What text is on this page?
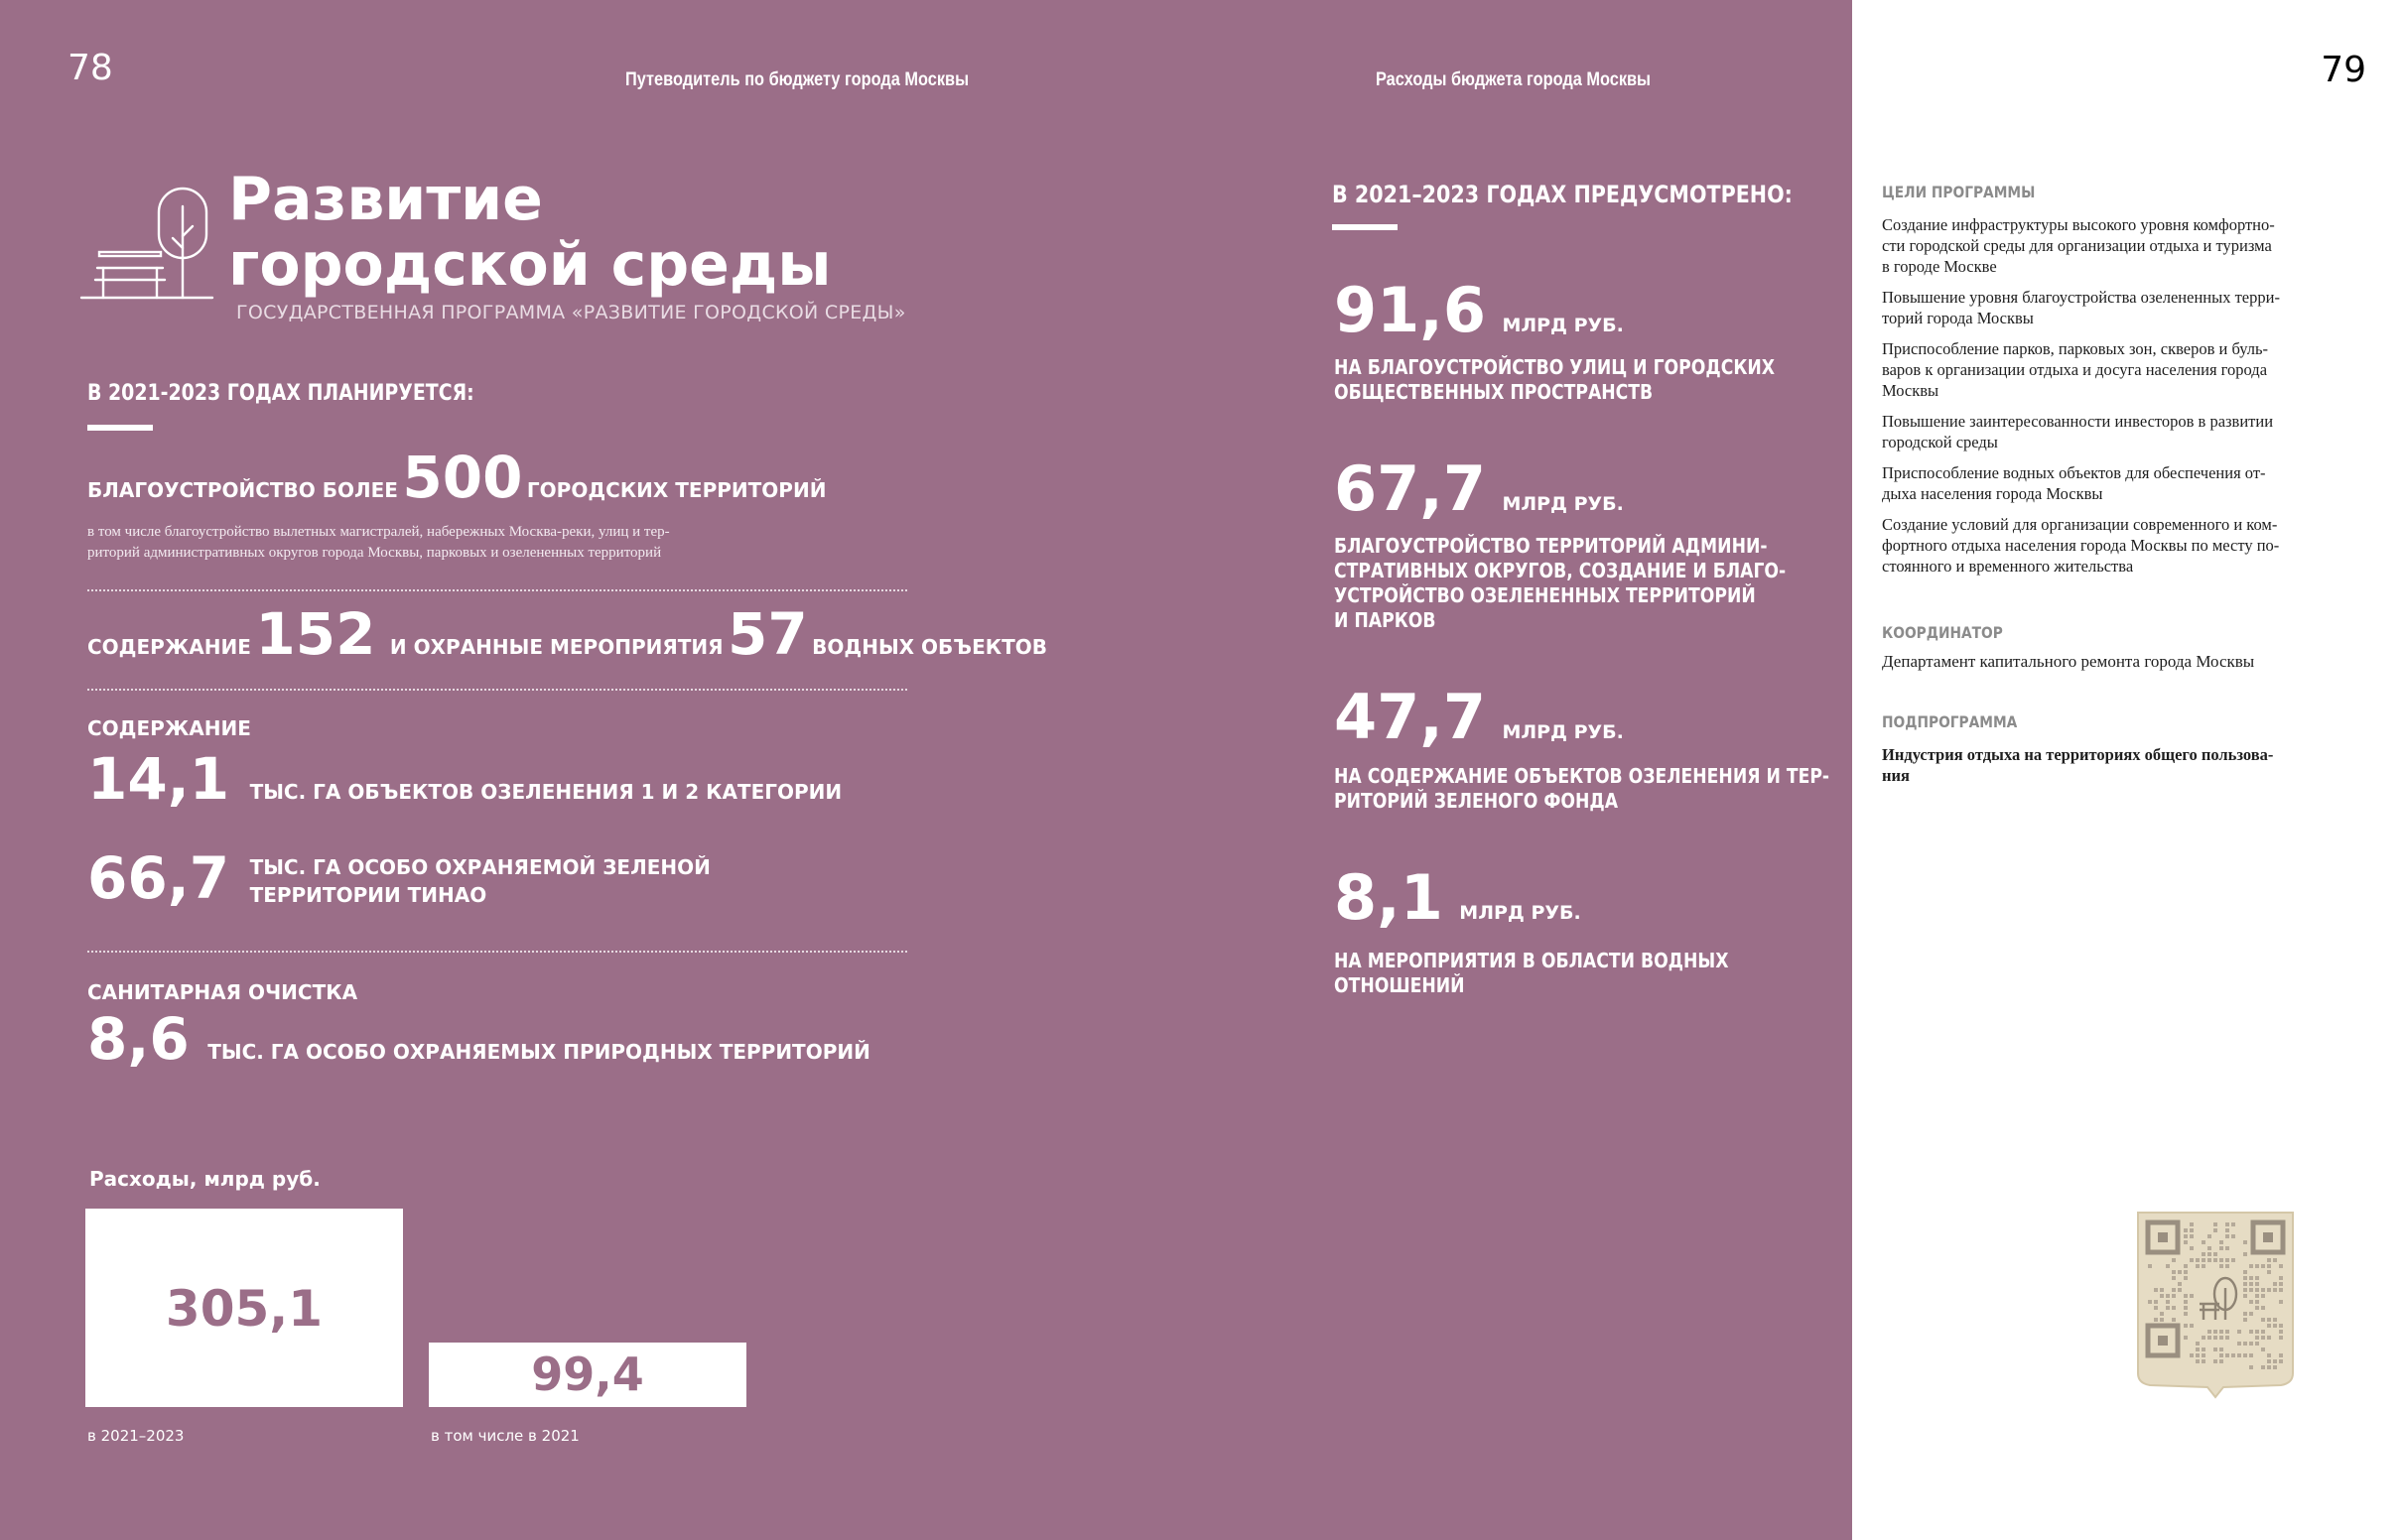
78	Путеводитель по бюджету города Москвы	Расходы бюджета города Москвы
Развитие
городской среды
ГОСУДАРСТВЕННАЯ ПРОГРАММА «РАЗВИТИЕ ГОРОДСКОЙ СРЕДЫ»
В 2021-2023 ГОДАХ ПЛАНИРУЕТСЯ:
БЛАГОУСТРОЙСТВО БОЛЕЕ 500 ГОРОДСКИХ ТЕРРИТОРИЙ
в том числе благоустройство вылетных магистралей, набережных Москва-реки, улиц и тер-
риторий административных округов города Москвы, парковых и озелененных территорий
СОДЕРЖАНИЕ 152 И ОХРАННЫЕ МЕРОПРИЯТИЯ 57 ВОДНЫХ ОБЪЕКТОВ
СОДЕРЖАНИЕ
14,1 ТЫС. ГА ОБЪЕКТОВ ОЗЕЛЕНЕНИЯ 1 И 2 КАТЕГОРИИ
66,7 ТЫС. ГА ОСОБО ОХРАНЯЕМОЙ ЗЕЛЕНОЙ
ТЕРРИТОРИИ ТИНАО
САНИТАРНАЯ ОЧИСТКА
8,6 ТЫС. ГА ОСОБО ОХРАНЯЕМЫХ ПРИРОДНЫХ ТЕРРИТОРИЙ
Расходы, млрд руб.
305,1
в 2021–2023
99,4
в том числе в 2021
В 2021–2023 ГОДАХ ПРЕДУСМОТРЕНО:
91,6 МЛРД РУБ.
НА БЛАГОУСТРОЙСТВО УЛИЦ И ГОРОДСКИХ
ОБЩЕСТВЕННЫХ ПРОСТРАНСТВ
67,7 МЛРД РУБ.
БЛАГОУСТРОЙСТВО ТЕРРИТОРИЙ АДМИНИ-
СТРАТИВНЫХ ОКРУГОВ, СОЗДАНИЕ И БЛАГО-
УСТРОЙСТВО ОЗЕЛЕНЕННЫХ ТЕРРИТОРИЙ
И ПАРКОВ
47,7 МЛРД РУБ.
НА СОДЕРЖАНИЕ ОБЪЕКТОВ ОЗЕЛЕНЕНИЯ И ТЕР-
РИТОРИЙ ЗЕЛЕНОГО ФОНДА
8,1 МЛРД РУБ.
НА МЕРОПРИЯТИЯ В ОБЛАСТИ ВОДНЫХ
ОТНОШЕНИЙ
79
ЦЕЛИ ПРОГРАММЫ
Создание инфраструктуры высокого уровня комфортно-
сти городской среды для организации отдыха и туризма
в городе Москве
Повышение уровня благоустройства озелененных терри-
торий города Москвы
Приспособление парков, парковых зон, скверов и буль-
варов к организации отдыха и досуга населения города
Москвы
Повышение заинтересованности инвесторов в развитии
городской среды
Приспособление водных объектов для обеспечения от-
дыха населения города Москвы
Создание условий для организации современного и ком-
фортного отдыха населения города Москвы по месту по-
стоянного и временного жительства
КООРДИНАТОР
Департамент капитального ремонта города Москвы
ПОДПРОГРАММА
Индустрия отдыха на территориях общего пользова-
ния
